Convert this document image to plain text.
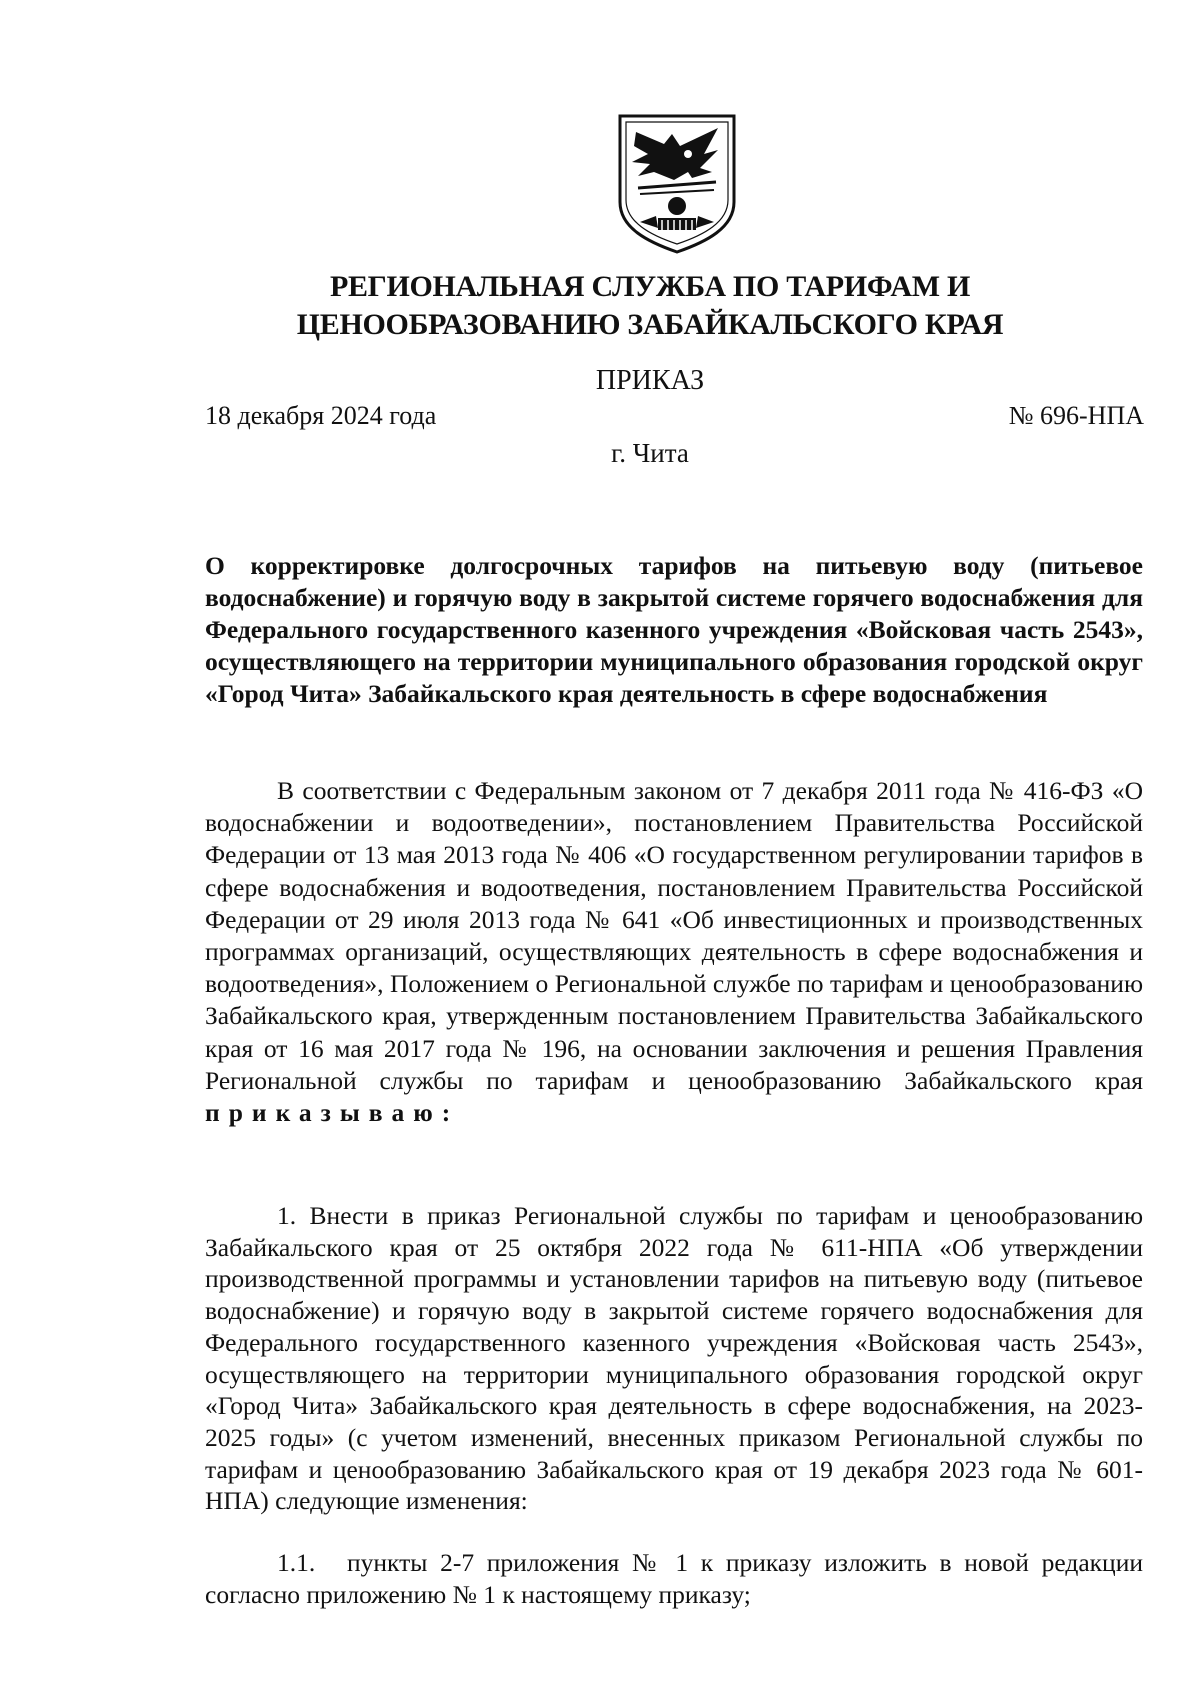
РЕГИОНАЛЬНАЯ СЛУЖБА ПО ТАРИФАМ И
ЦЕНООБРАЗОВАНИЮ ЗАБАЙКАЛЬСКОГО КРАЯ
ПРИКАЗ
18 декабря 2024 года	№ 696-НПА
г. Чита

О корректировке долгосрочных тарифов на питьевую воду (питьевое водоснабжение) и горячую воду в закрытой системе горячего водоснабжения для Федерального государственного казенного учреждения «Войсковая часть 2543», осуществляющего на территории муниципального образования городской округ «Город Чита» Забайкальского края деятельность в сфере водоснабжения

В соответствии с Федеральным законом от 7 декабря 2011 года № 416-ФЗ «О водоснабжении и водоотведении», постановлением Правительства Российской Федерации от 13 мая 2013 года № 406 «О государственном регулировании тарифов в сфере водоснабжения и водоотведения, постановлением Правительства Российской Федерации от 29 июля 2013 года № 641 «Об инвестиционных и производственных программах организаций, осуществляющих деятельность в сфере водоснабжения и водоотведения», Положением о Региональной службе по тарифам и ценообразованию Забайкальского края, утвержденным постановлением Правительства Забайкальского края от 16 мая 2017 года № 196, на основании заключения и решения Правления Региональной службы по тарифам и ценообразованию Забайкальского края приказываю:

1. Внести в приказ Региональной службы по тарифам и ценообразованию Забайкальского края от 25 октября 2022 года № 611-НПА «Об утверждении производственной программы и установлении тарифов на питьевую воду (питьевое водоснабжение) и горячую воду в закрытой системе горячего водоснабжения для Федерального государственного казенного учреждения «Войсковая часть 2543», осуществляющего на территории муниципального образования городской округ «Город Чита» Забайкальского края деятельность в сфере водоснабжения, на 2023-2025 годы» (с учетом изменений, внесенных приказом Региональной службы по тарифам и ценообразованию Забайкальского края от 19 декабря 2023 года № 601-НПА) следующие изменения:

1.1. пункты 2-7 приложения № 1 к приказу изложить в новой редакции согласно приложению № 1 к настоящему приказу;
